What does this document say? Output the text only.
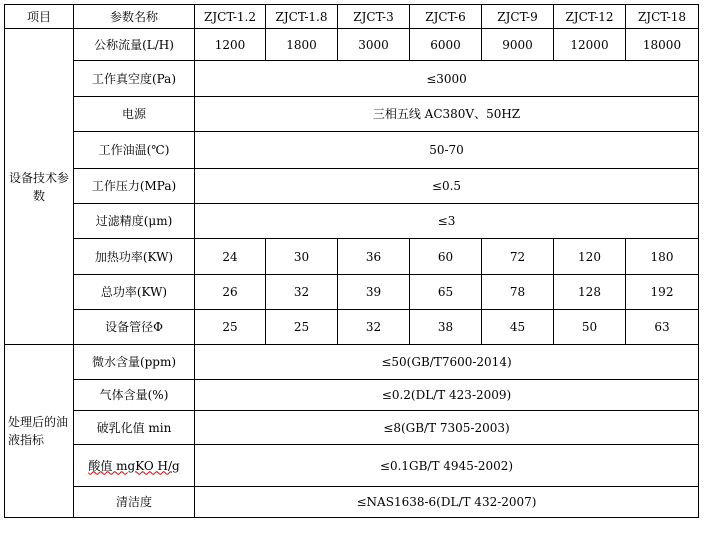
项目	参数名称	ZJCT-1.2	ZJCT-1.8	ZJCT-3	ZJCT-6	ZJCT-9	ZJCT-12	ZJCT-18
设备技术参数	公称流量(L/H)	1200	1800	3000	6000	9000	12000	18000
	工作真空度(Pa)	≤3000						
	电源	三相五线 AC380V、50HZ						
	工作油温(℃)	50-70						
	工作压力(MPa)	≤0.5						
	过滤精度(μm)	≤3						
	加热功率(KW)	24	30	36	60	72	120	180
	总功率(KW)	26	32	39	65	78	128	192
	设备管径Φ	25	25	32	38	45	50	63
处理后的油液指标	微水含量(ppm)	≤50(GB/T7600-2014)						
	气体含量(%)	≤0.2(DL/T 423-2009)						
	破乳化值 min	≤8(GB/T 7305-2003)						
	酸值 mgKO H/g	≤0.1GB/T 4945-2002)						
	清洁度	≤NAS1638-6(DL/T 432-2007)						
